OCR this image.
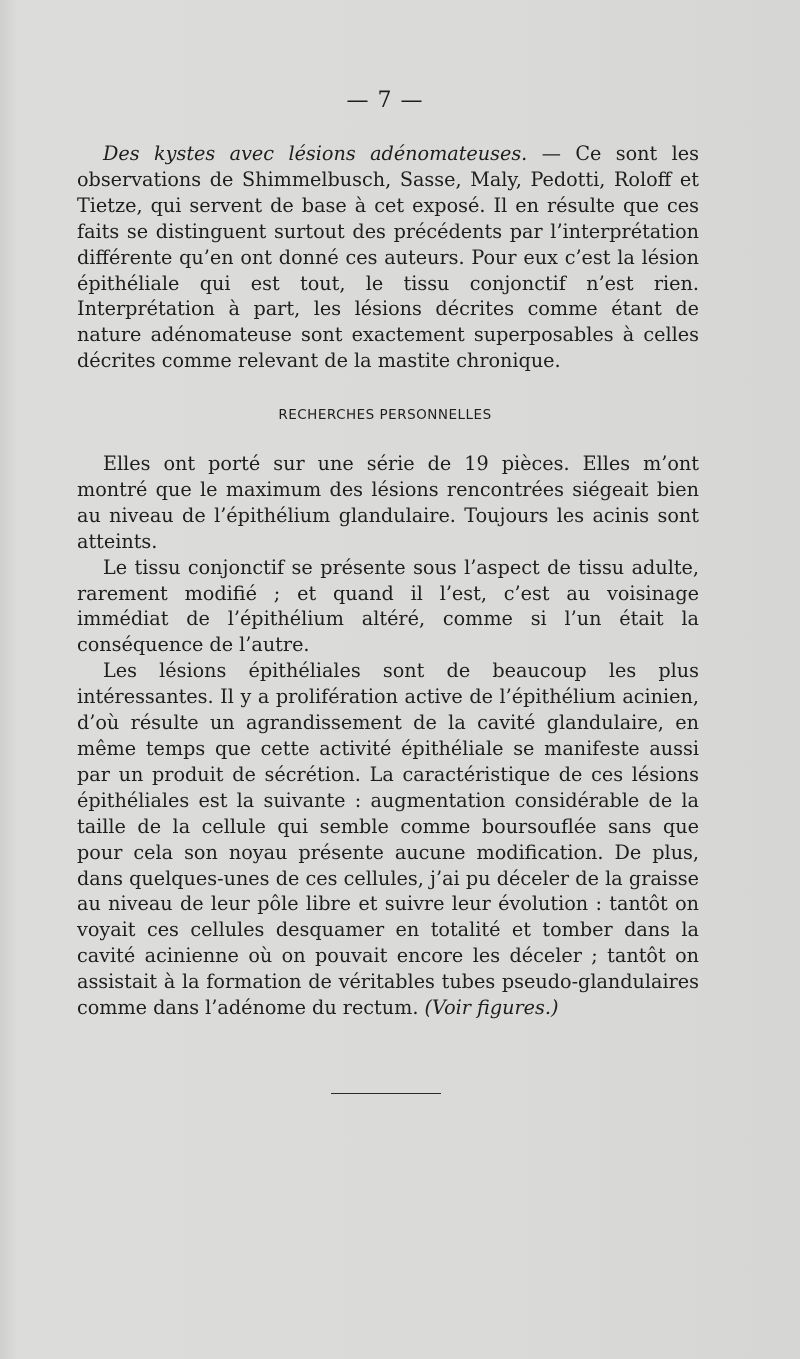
— 7 —

Des kystes avec lésions adénomateuses. — Ce sont les observations de Shimmelbusch, Sasse, Maly, Pedotti, Roloff et Tietze, qui servent de base à cet exposé. Il en résulte que ces faits se distinguent surtout des précédents par l’interprétation différente qu’en ont donné ces auteurs. Pour eux c’est la lésion épithéliale qui est tout, le tissu conjonctif n’est rien. Interprétation à part, les lésions décrites comme étant de nature adénomateuse sont exactement superposables à celles décrites comme relevant de la mastite chronique.

RECHERCHES PERSONNELLES

Elles ont porté sur une série de 19 pièces. Elles m’ont montré que le maximum des lésions rencontrées siégeait bien au niveau de l’épithélium glandulaire. Toujours les acinis sont atteints.

Le tissu conjonctif se présente sous l’aspect de tissu adulte, rarement modifié ; et quand il l’est, c’est au voisinage immédiat de l’épithélium altéré, comme si l’un était la conséquence de l’autre.

Les lésions épithéliales sont de beaucoup les plus intéressantes. Il y a prolifération active de l’épithélium acinien, d’où résulte un agrandissement de la cavité glandulaire, en même temps que cette activité épithéliale se manifeste aussi par un produit de sécrétion. La caractéristique de ces lésions épithéliales est la suivante : augmentation considérable de la taille de la cellule qui semble comme boursouflée sans que pour cela son noyau présente aucune modification. De plus, dans quelques-unes de ces cellules, j’ai pu déceler de la graisse au niveau de leur pôle libre et suivre leur évolution : tantôt on voyait ces cellules desquamer en totalité et tomber dans la cavité acinienne où on pouvait encore les déceler ; tantôt on assistait à la formation de véritables tubes pseudo-glandulaires comme dans l’adénome du rectum. (Voir figures.)
